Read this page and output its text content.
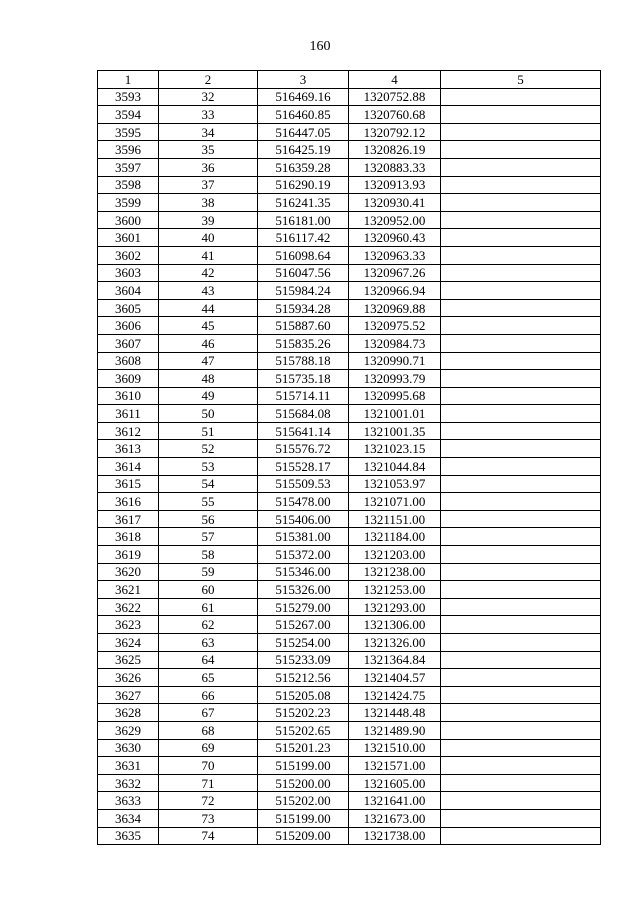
160
1	2	3	4	5
3593	32	516469.16	1320752.88	
3594	33	516460.85	1320760.68	
3595	34	516447.05	1320792.12	
3596	35	516425.19	1320826.19	
3597	36	516359.28	1320883.33	
3598	37	516290.19	1320913.93	
3599	38	516241.35	1320930.41	
3600	39	516181.00	1320952.00	
3601	40	516117.42	1320960.43	
3602	41	516098.64	1320963.33	
3603	42	516047.56	1320967.26	
3604	43	515984.24	1320966.94	
3605	44	515934.28	1320969.88	
3606	45	515887.60	1320975.52	
3607	46	515835.26	1320984.73	
3608	47	515788.18	1320990.71	
3609	48	515735.18	1320993.79	
3610	49	515714.11	1320995.68	
3611	50	515684.08	1321001.01	
3612	51	515641.14	1321001.35	
3613	52	515576.72	1321023.15	
3614	53	515528.17	1321044.84	
3615	54	515509.53	1321053.97	
3616	55	515478.00	1321071.00	
3617	56	515406.00	1321151.00	
3618	57	515381.00	1321184.00	
3619	58	515372.00	1321203.00	
3620	59	515346.00	1321238.00	
3621	60	515326.00	1321253.00	
3622	61	515279.00	1321293.00	
3623	62	515267.00	1321306.00	
3624	63	515254.00	1321326.00	
3625	64	515233.09	1321364.84	
3626	65	515212.56	1321404.57	
3627	66	515205.08	1321424.75	
3628	67	515202.23	1321448.48	
3629	68	515202.65	1321489.90	
3630	69	515201.23	1321510.00	
3631	70	515199.00	1321571.00	
3632	71	515200.00	1321605.00	
3633	72	515202.00	1321641.00	
3634	73	515199.00	1321673.00	
3635	74	515209.00	1321738.00	
